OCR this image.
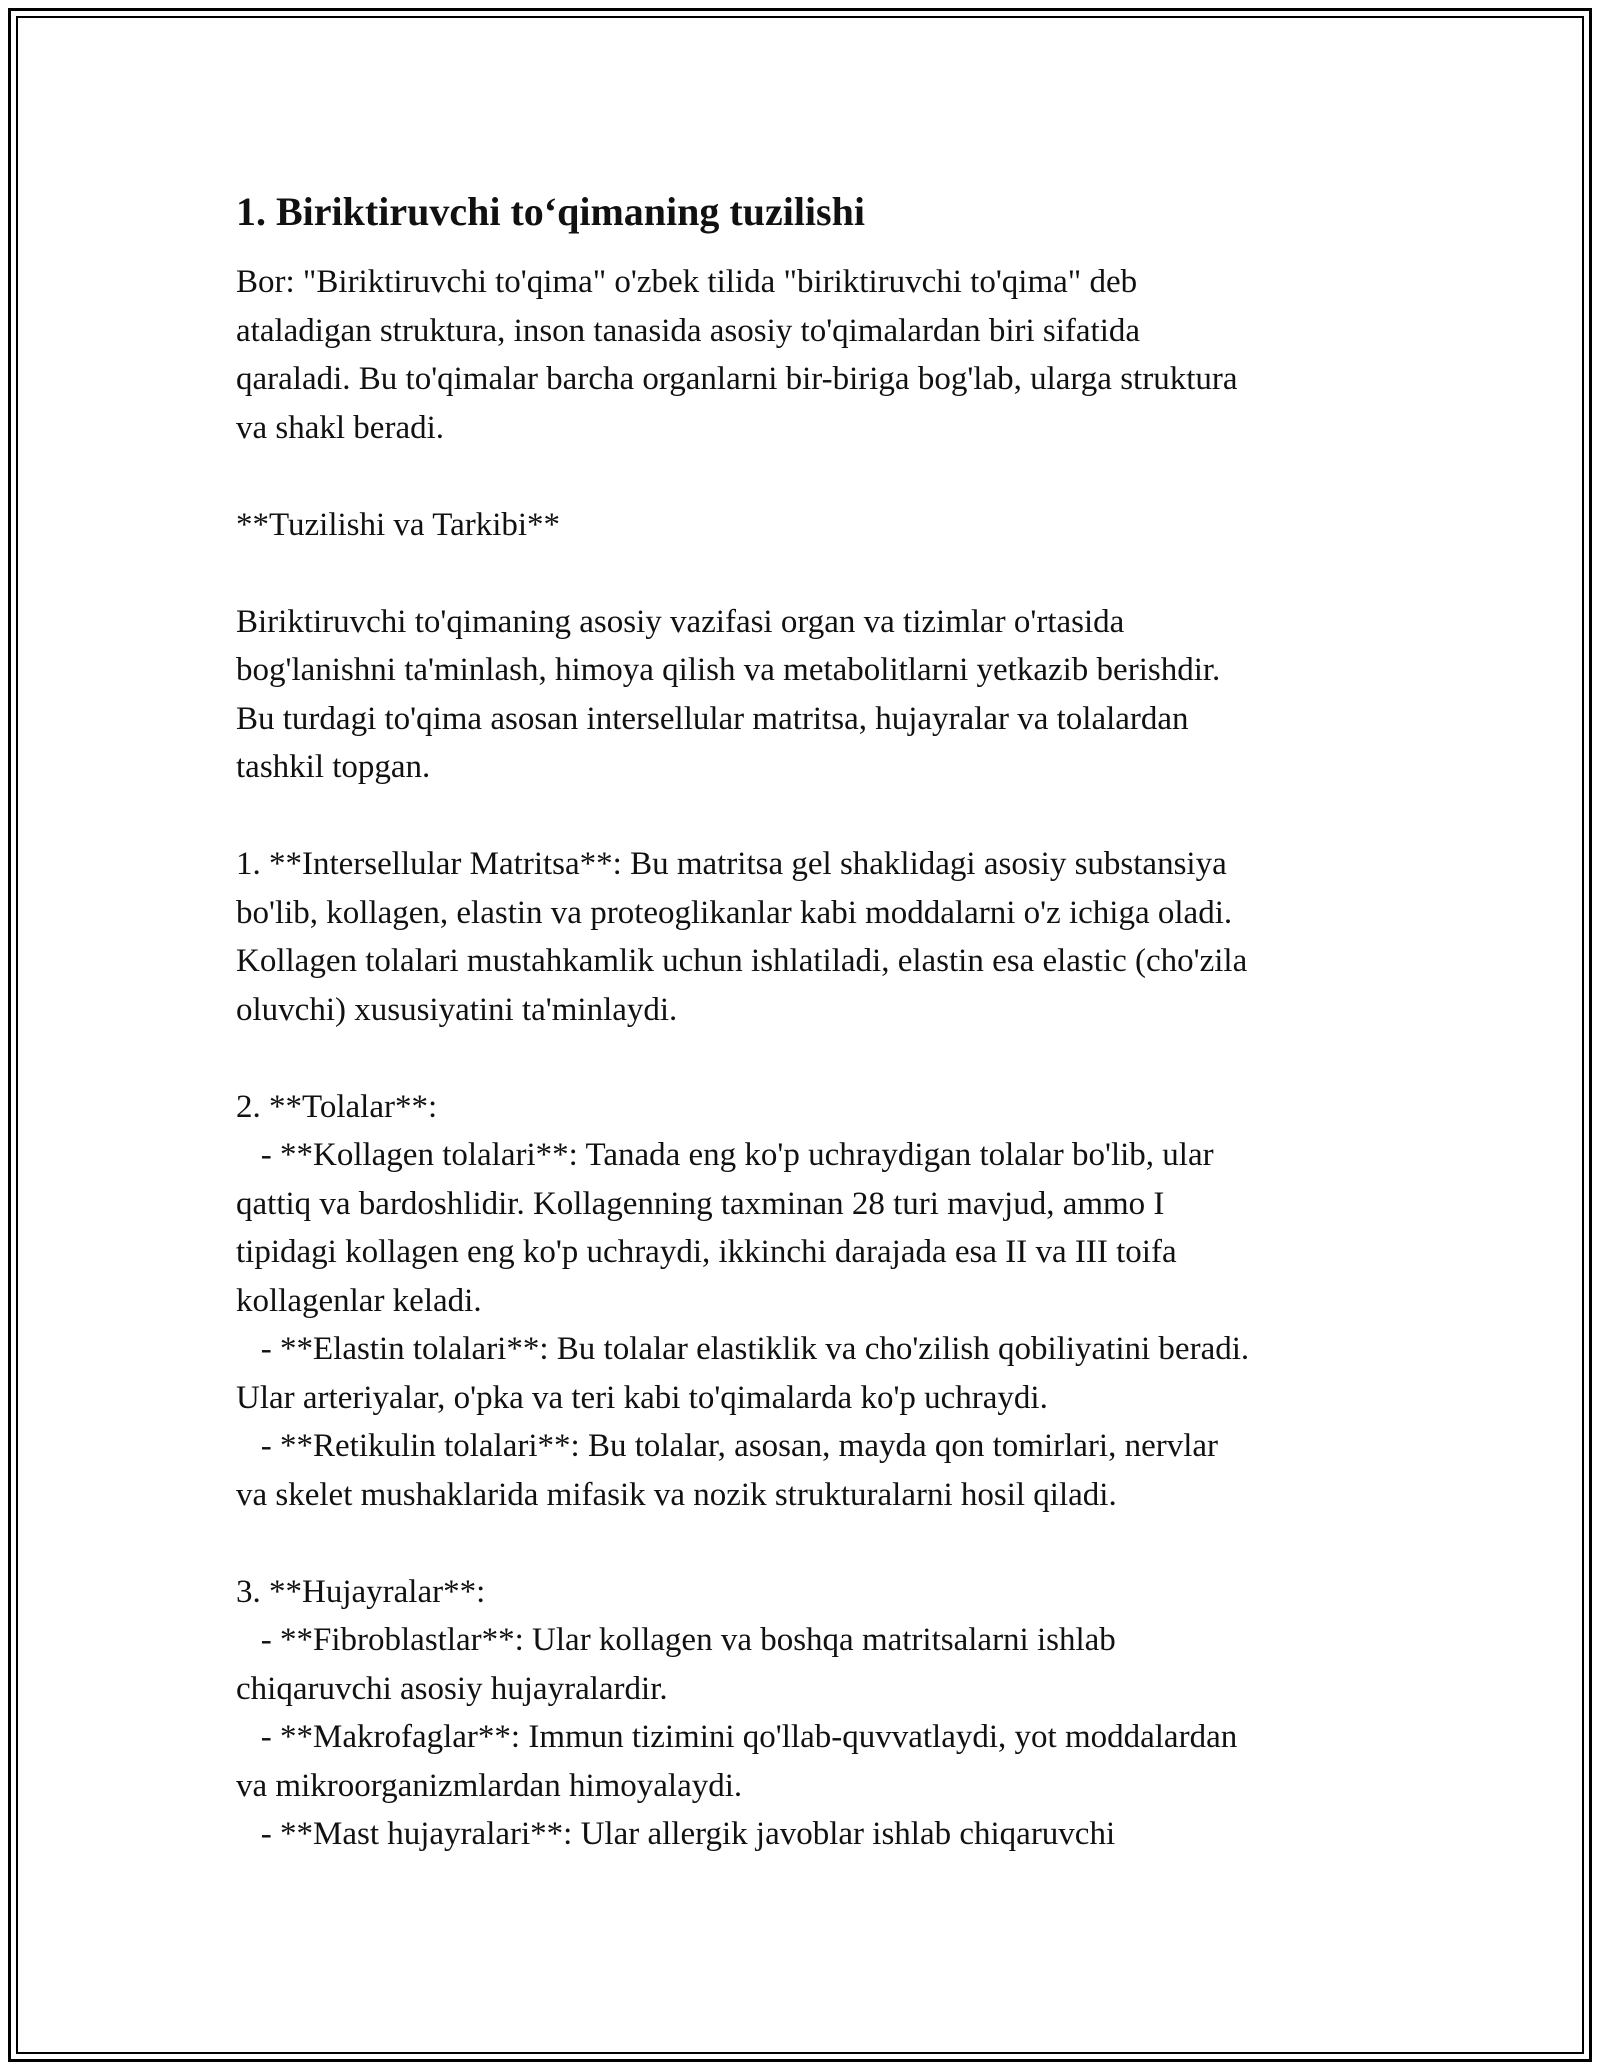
1. Biriktiruvchi to‘qimaning tuzilishi
Bor: "Biriktiruvchi to'qima" o'zbek tilida "biriktiruvchi to'qima" deb
ataladigan struktura, inson tanasida asosiy to'qimalardan biri sifatida
qaraladi. Bu to'qimalar barcha organlarni bir-biriga bog'lab, ularga struktura
va shakl beradi.
**Tuzilishi va Tarkibi**
Biriktiruvchi to'qimaning asosiy vazifasi organ va tizimlar o'rtasida
bog'lanishni ta'minlash, himoya qilish va metabolitlarni yetkazib berishdir.
Bu turdagi to'qima asosan intersellular matritsa, hujayralar va tolalardan
tashkil topgan.
1. **Intersellular Matritsa**: Bu matritsa gel shaklidagi asosiy substansiya
bo'lib, kollagen, elastin va proteoglikanlar kabi moddalarni o'z ichiga oladi.
Kollagen tolalari mustahkamlik uchun ishlatiladi, elastin esa elastic (cho'zila
oluvchi) xususiyatini ta'minlaydi.
2. **Tolalar**:
- **Kollagen tolalari**: Tanada eng ko'p uchraydigan tolalar bo'lib, ular
qattiq va bardoshlidir. Kollagenning taxminan 28 turi mavjud, ammo I
tipidagi kollagen eng ko'p uchraydi, ikkinchi darajada esa II va III toifa
kollagenlar keladi.
- **Elastin tolalari**: Bu tolalar elastiklik va cho'zilish qobiliyatini beradi.
Ular arteriyalar, o'pka va teri kabi to'qimalarda ko'p uchraydi.
- **Retikulin tolalari**: Bu tolalar, asosan, mayda qon tomirlari, nervlar
va skelet mushaklarida mifasik va nozik strukturalarni hosil qiladi.
3. **Hujayralar**:
- **Fibroblastlar**: Ular kollagen va boshqa matritsalarni ishlab
chiqaruvchi asosiy hujayralardir.
- **Makrofaglar**: Immun tizimini qo'llab-quvvatlaydi, yot moddalardan
va mikroorganizmlardan himoyalaydi.
- **Mast hujayralari**: Ular allergik javoblar ishlab chiqaruvchi
